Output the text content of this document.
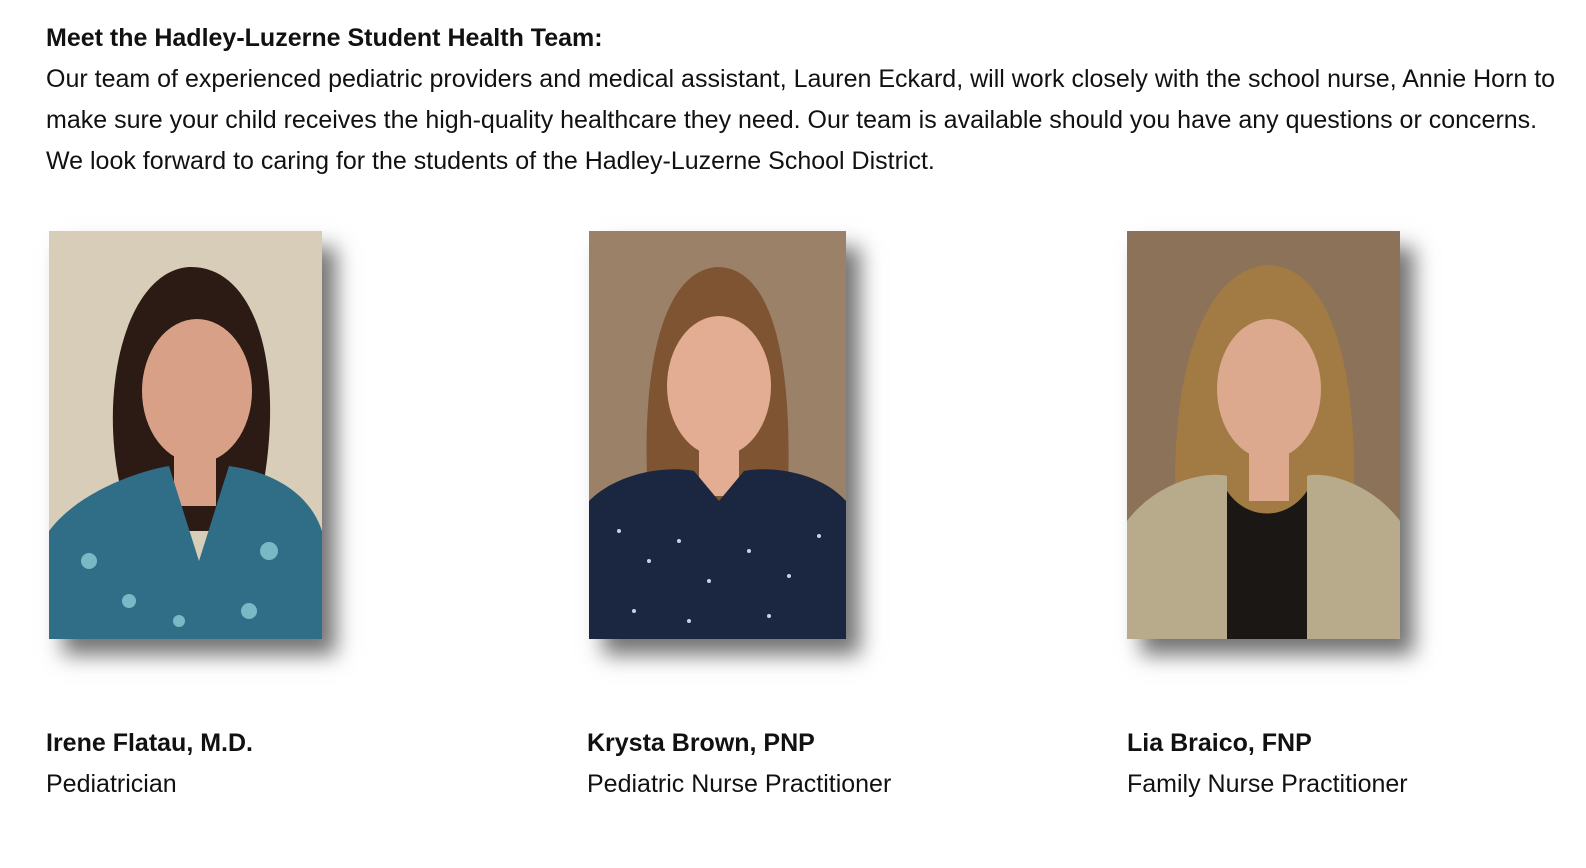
Meet the Hadley-Luzerne Student Health Team:

Our team of experienced pediatric providers and medical assistant, Lauren Eckard, will work closely with the school nurse, Annie Horn to make sure your child receives the high-quality healthcare they need. Our team is available should you have any questions or concerns. We look forward to caring for the students of the Hadley-Luzerne School District.

Irene Flatau, M.D.
Pediatrician
Krysta Brown, PNP
Pediatric Nurse Practitioner
Lia Braico, FNP
Family Nurse Practitioner
